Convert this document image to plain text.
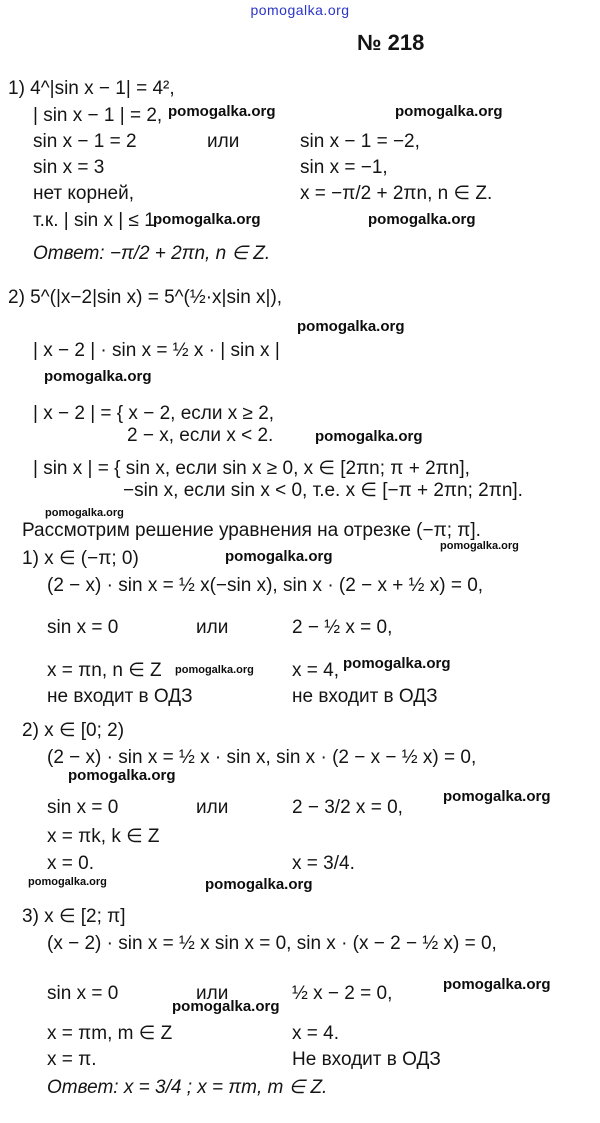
pomogalka.org
№ 218
1) 4^|sin x − 1| = 4²,
| sin x − 1 | = 2,
sin x − 1 = 2	или	sin x − 1 = −2,
sin x = 3	sin x = −1,
нет корней,	x = −π/2 + 2πn, n ∈ Z.
т.к. | sin x | ≤ 1
Ответ: −π/2 + 2πn, n ∈ Z.
2) 5^(|x−2|sin x) = 5^(½·x|sin x|),
| x − 2 | · sin x = ½ x · | sin x |
| x − 2 | = { x − 2, если x ≥ 2,
2 − x, если x < 2.
| sin x | = { sin x, если sin x ≥ 0, x ∈ [2πn; π + 2πn],
−sin x, если sin x < 0, т.е. x ∈ [−π + 2πn; 2πn].
Рассмотрим решение уравнения на отрезке (−π; π].
1) x ∈ (−π; 0)
(2 − x) · sin x = ½ x(−sin x), sin x · (2 − x + ½ x) = 0,
sin x = 0	или	2 − ½ x = 0,
x = πn, n ∈ Z	x = 4,
не входит в ОДЗ	не входит в ОДЗ
2) x ∈ [0; 2)
(2 − x) · sin x = ½ x · sin x, sin x · (2 − x − ½ x) = 0,
sin x = 0	или	2 − 3/2 x = 0,
x = πk, k ∈ Z
x = 0.	x = 3/4.
3) x ∈ [2; π]
(x − 2) · sin x = ½ x sin x = 0, sin x · (x − 2 − ½ x) = 0,
sin x = 0	или	½ x − 2 = 0,
x = πm, m ∈ Z	x = 4.
x = π.	Не входит в ОДЗ
Ответ: x = 3/4 ; x = πm, m ∈ Z.
pomogalka.org	pomogalka.org
pomogalka.org	pomogalka.org
pomogalka.org
pomogalka.org
pomogalka.org
pomogalka.org
pomogalka.org
pomogalka.org
pomogalka.org
pomogalka.org
pomogalka.org
pomogalka.org
pomogalka.org
pomogalka.org
pomogalka.org
pomogalka.org
